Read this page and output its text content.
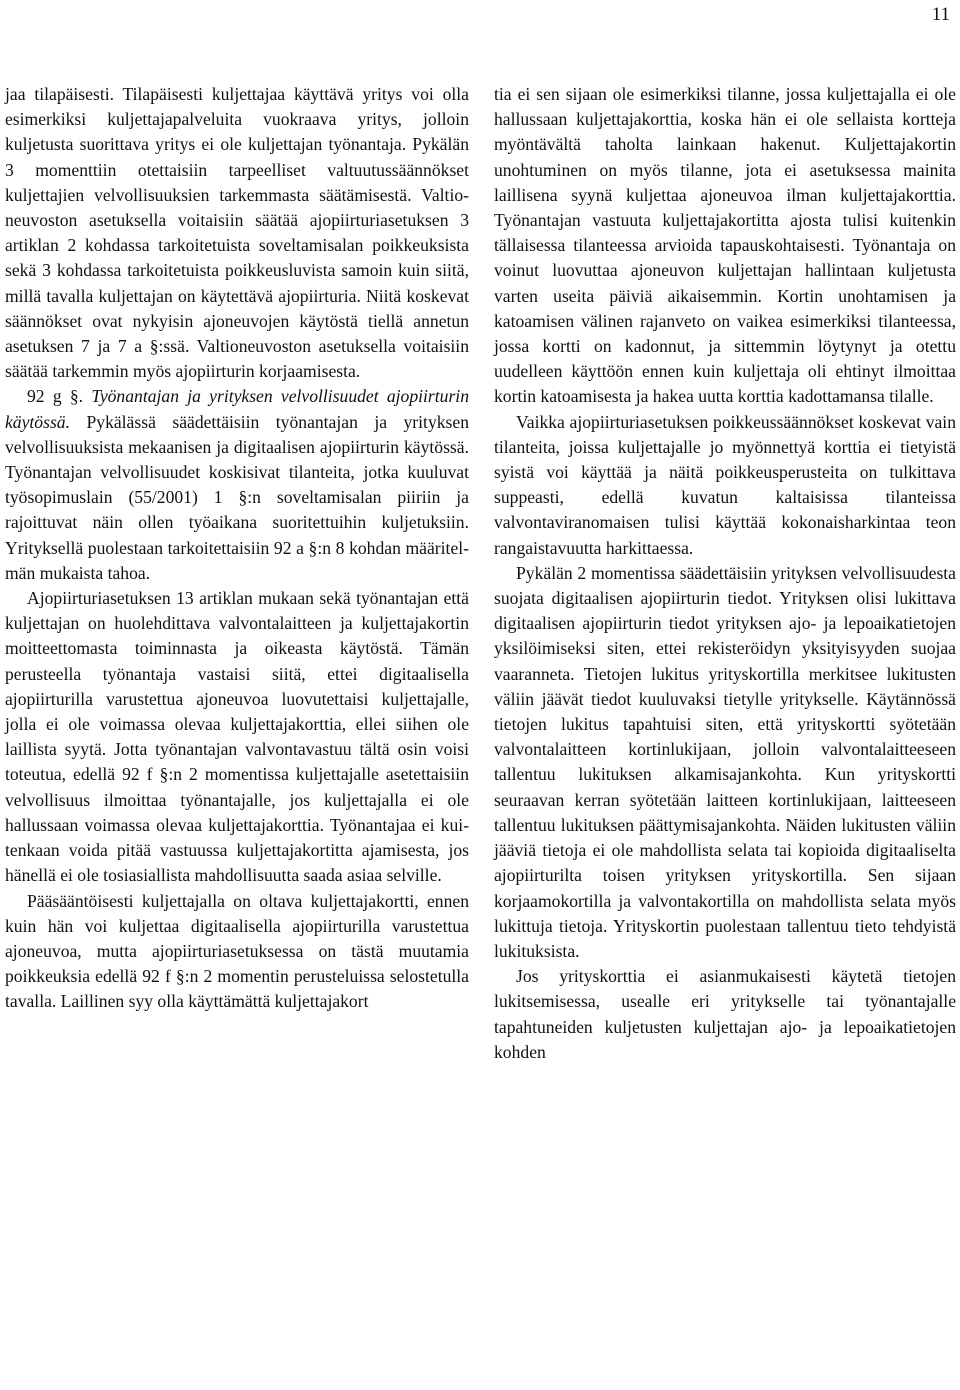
11

jaa tilapäisesti. Tilapäisesti kuljettajaa käyttävä yritys voi olla esimerkiksi kuljettajapalveluita vuokraava yritys, jolloin kuljetusta suorittava yritys ei ole kuljettajan työnantaja. Pykälän 3 momenttiin otettaisiin tarpeelliset valtuutussäännökset kuljettajien velvollisuuksien tarkemmasta säätämisestä. Valtioneuvoston asetuksella voitaisiin säätää ajopiirturiasetuksen 3 artiklan 2 kohdassa tarkoitetuista soveltamisalan poikkeuksista sekä 3 kohdassa tarkoitetuista poikkeusluvista samoin kuin siitä, millä tavalla kuljettajan on käytettävä ajopiirturia. Niitä koskevat säännökset ovat nykyisin ajoneuvojen käytöstä tiellä annetun asetuksen 7 ja 7 a §:ssä. Valtioneuvoston asetuksella voitaisiin säätää tarkemmin myös ajopiirturin korjaamisesta.

92 g §. Työnantajan ja yrityksen velvollisuudet ajopiirturin käytössä. Pykälässä säädettäisiin työnantajan ja yrityksen velvollisuuksista mekaanisen ja digitaalisen ajopiirturin käytössä. Työnantajan velvollisuudet koskisivat tilanteita, jotka kuuluvat työsopimuslain (55/2001) 1 §:n soveltamisalan piiriin ja rajoittuvat näin ollen työaikana suoritettuihin kuljetuksiin. Yrityksellä puolestaan tarkoitettaisiin 92 a §:n 8 kohdan määritelmän mukaista tahoa.

Ajopiirturiasetuksen 13 artiklan mukaan sekä työnantajan että kuljettajan on huolehdittava valvontalaitteen ja kuljettajakortin moitteettomasta toiminnasta ja oikeasta käytöstä. Tämän perusteella työnantaja vastaisi siitä, ettei digitaalisella ajopiirturilla varustettua ajoneuvoa luovutettaisi kuljettajalle, jolla ei ole voimassa olevaa kuljettajakorttia, ellei siihen ole laillista syytä. Jotta työnantajan valvontavastuu tältä osin voisi toteutua, edellä 92 f §:n 2 momentissa kuljettajalle asetettaisiin velvollisuus ilmoittaa työnantajalle, jos kuljettajalla ei ole hallussaan voimassa olevaa kuljettajakorttia. Työnantajaa ei kuitenkaan voida pitää vastuussa kuljettajakortitta ajamisesta, jos hänellä ei ole tosiasiallista mahdollisuutta saada asiaa selville.

Pääsääntöisesti kuljettajalla on oltava kuljettajakortti, ennen kuin hän voi kuljettaa digitaalisella ajopiirturilla varustettua ajoneuvoa, mutta ajopiirturiasetuksessa on tästä muutamia poikkeuksia edellä 92 f §:n 2 momentin perusteluissa selostetulla tavalla. Laillinen syy olla käyttämättä kuljettajakort

tia ei sen sijaan ole esimerkiksi tilanne, jossa kuljettajalla ei ole hallussaan kuljettajakorttia, koska hän ei ole sellaista kortteja myöntävältä taholta lainkaan hakenut. Kuljettajakortin unohtuminen on myös tilanne, jota ei asetuksessa mainita laillisena syynä kuljettaa ajoneuvoa ilman kuljettajakorttia. Työnantajan vastuuta kuljettajakortitta ajosta tulisi kuitenkin tällaisessa tilanteessa arvioida tapauskohtaisesti. Työnantaja on voinut luovuttaa ajoneuvon kuljettajan hallintaan kuljetusta varten useita päiviä aikaisemmin. Kortin unohtamisen ja katoamisen välinen rajanveto on vaikea esimerkiksi tilanteessa, jossa kortti on kadonnut, ja sittemmin löytynyt ja otettu uudelleen käyttöön ennen kuin kuljettaja oli ehtinyt ilmoittaa kortin katoamisesta ja hakea uutta korttia kadottamansa tilalle.

Vaikka ajopiirturiasetuksen poikkeussäännökset koskevat vain tilanteita, joissa kuljettajalle jo myönnettyä korttia ei tietyistä syistä voi käyttää ja näitä poikkeusperusteita on tulkittava suppeasti, edellä kuvatun kaltaisissa tilanteissa valvontaviranomaisen tulisi käyttää kokonaisharkintaa teon rangaistavuutta harkittaessa.

Pykälän 2 momentissa säädettäisiin yrityksen velvollisuudesta suojata digitaalisen ajopiirturin tiedot. Yrityksen olisi lukittava digitaalisen ajopiirturin tiedot yrityksen ajo- ja lepoaikatietojen yksilöimiseksi siten, ettei rekisteröidyn yksityisyyden suojaa vaaranneta. Tietojen lukitus yrityskortilla merkitsee lukitusten väliin jäävät tiedot kuuluvaksi tietylle yritykselle. Käytännössä tietojen lukitus tapahtuisi siten, että yrityskortti syötetään valvontalaitteen kortinlukijaan, jolloin valvontalaitteeseen tallentuu lukituksen alkamisajankohta. Kun yrityskortti seuraavan kerran syötetään laitteen kortinlukijaan, laitteeseen tallentuu lukituksen päättymisajankohta. Näiden lukitusten väliin jääviä tietoja ei ole mahdollista selata tai kopioida digitaaliselta ajopiirturilta toisen yrityksen yrityskortilla. Sen sijaan korjaamokortilla ja valvontakortilla on mahdollista selata myös lukittuja tietoja. Yrityskortin puolestaan tallentuu tieto tehdyistä lukituksista.

Jos yrityskorttia ei asianmukaisesti käytetä tietojen lukitsemisessa, usealle eri yritykselle tai työnantajalle tapahtuneiden kuljetusten kuljettajan ajo- ja lepoaikatietojen kohden
